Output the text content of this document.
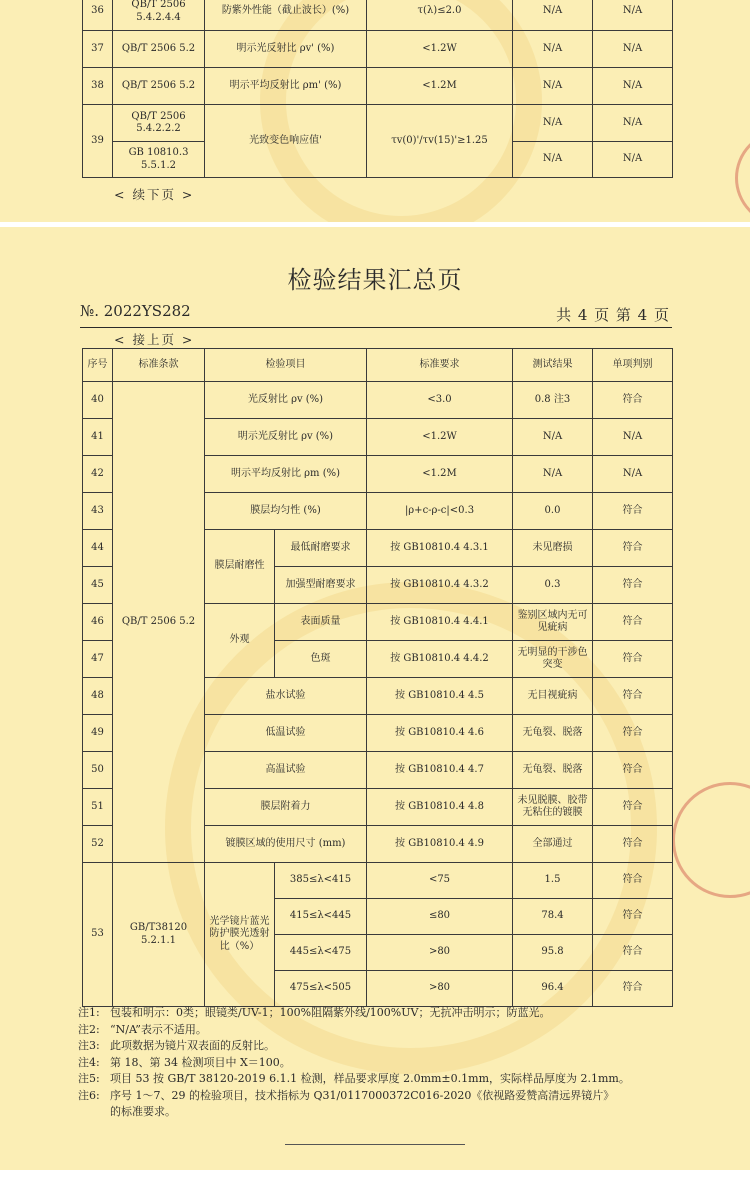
36	QB/T 2506 5.4.2.4.4	防紫外性能（截止波长）(%)	τ(λ)≤2.0	N/A	N/A
37	QB/T 2506 5.2	明示光反射比 ρv' (%)	<1.2W	N/A	N/A
38	QB/T 2506 5.2	明示平均反射比 ρm' (%)	<1.2M	N/A	N/A
39	QB/T 2506 5.4.2.2.2	光致变色响应值'	τv(0)'/τv(15)'≥1.25	N/A	N/A
	GB 10810.3 5.5.1.2			N/A	N/A
< 续下页 >
检验结果汇总页
№. 2022YS282	共 4 页 第 4 页
< 接上页 >
序号	标准条款	检验项目		标准要求	测试结果	单项判别
40	QB/T 2506 5.2	光反射比 ρv (%)		<3.0	0.8 注3	符合
41		明示光反射比 ρv (%)		<1.2W	N/A	N/A
42		明示平均反射比 ρm (%)		<1.2M	N/A	N/A
43		膜层均匀性 (%)		|ρ+c-ρ-c|<0.3	0.0	符合
44		膜层耐磨性	最低耐磨要求	按 GB10810.4 4.3.1	未见磨损	符合
45			加强型耐磨要求	按 GB10810.4 4.3.2	0.3	符合
46		外观	表面质量	按 GB10810.4 4.4.1	鉴别区域内无可见疵病	符合
47			色斑	按 GB10810.4 4.4.2	无明显的干涉色突变	符合
48		盐水试验		按 GB10810.4 4.5	无目视疵病	符合
49		低温试验		按 GB10810.4 4.6	无龟裂、脱落	符合
50		高温试验		按 GB10810.4 4.7	无龟裂、脱落	符合
51		膜层附着力		按 GB10810.4 4.8	未见脱膜、胶带无粘住的镀膜	符合
52		镀膜区域的使用尺寸 (mm)		按 GB10810.4 4.9	全部通过	符合
53	GB/T38120 5.2.1.1	光学镜片蓝光防护膜光透射比（%）	385≤λ<415	<75	1.5	符合
			415≤λ<445	≤80	78.4	符合
			445≤λ<475	>80	95.8	符合
			475≤λ<505	>80	96.4	符合
注1: 包装和明示：0类；眼镜类/UV-1；100%阻隔紫外线/100%UV；无抗冲击明示；防蓝光。
注2: “N/A”表示不适用。
注3: 此项数据为镜片双表面的反射比。
注4: 第 18、第 34 检测项目中 X＝100。
注5: 项目 53 按 GB/T 38120-2019 6.1.1 检测，样品要求厚度 2.0mm±0.1mm，实际样品厚度为 2.1mm。
注6: 序号 1～7、29 的检验项目，技术指标为 Q31/0117000372C016-2020《依视路爱赞高清远界镜片》
的标准要求。
